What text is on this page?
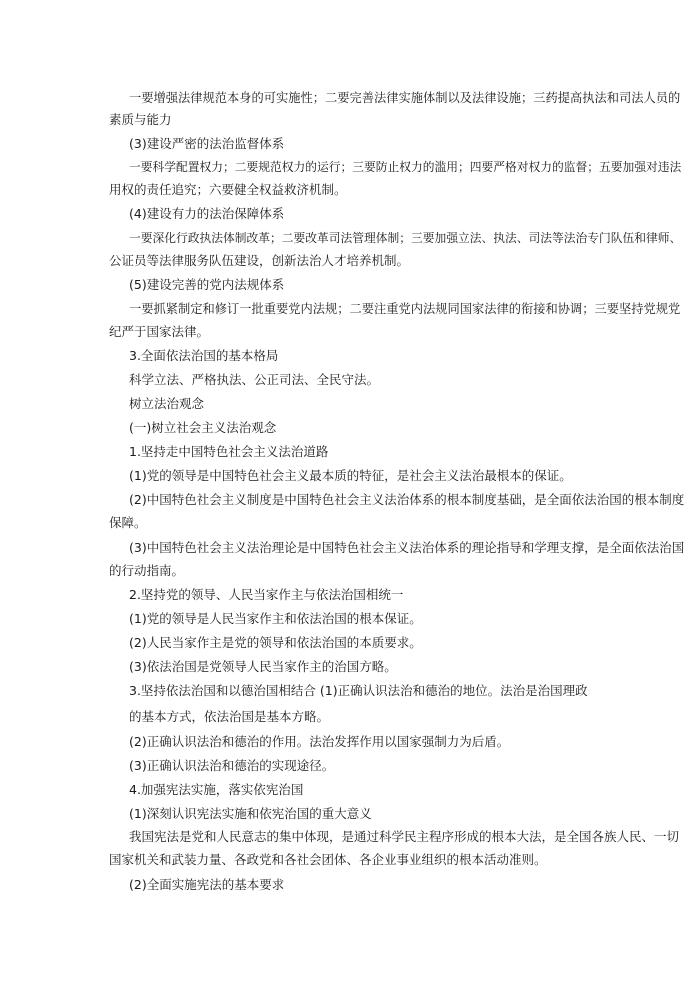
一要增强法律规范本身的可实施性；二要完善法律实施体制以及法律设施；三药提高执法和司法人员的
素质与能力
(3)建设严密的法治监督体系
一要科学配置权力；二要规范权力的运行；三要防止权力的滥用；四要严格对权力的监督；五要加强对违法
用权的责任追究；六要健全权益救济机制。
(4)建设有力的法治保障体系
一要深化行政执法体制改革；二要改革司法管理体制；三要加强立法、执法、司法等法治专门队伍和律师、
公证员等法律服务队伍建设，创新法治人才培养机制。
(5)建设完善的党内法规体系
一要抓紧制定和修订一批重要党内法规；二要注重党内法规同国家法律的衔接和协调；三要坚持党规党
纪严于国家法律。
3.全面依法治国的基本格局
科学立法、严格执法、公正司法、全民守法。
树立法治观念
(一)树立社会主义法治观念
1.坚持走中国特色社会主义法治道路
(1)党的领导是中国特色社会主义最本质的特征，是社会主义法治最根本的保证。
(2)中国特色社会主义制度是中国特色社会主义法治体系的根本制度基础，是全面依法治国的根本制度
保障。
(3)中国特色社会主义法治理论是中国特色社会主义法治体系的理论指导和学理支撑，是全面依法治国
的行动指南。
2.坚持党的领导、人民当家作主与依法治国相统一
(1)党的领导是人民当家作主和依法治国的根本保证。
(2)人民当家作主是党的领导和依法治国的本质要求。
(3)依法治国是党领导人民当家作主的治国方略。
3.坚持依法治国和以德治国相结合 (1)正确认识法治和德治的地位。法治是治国理政
的基本方式，依法治国是基本方略。
(2)正确认识法治和德治的作用。法治发挥作用以国家强制力为后盾。
(3)正确认识法治和德治的实现途径。
4.加强宪法实施，落实依宪治国
(1)深刻认识宪法实施和依宪治国的重大意义
我国宪法是党和人民意志的集中体现，是通过科学民主程序形成的根本大法，是全国各族人民、一切
国家机关和武装力量、各政党和各社会团体、各企业事业组织的根本活动准则。
(2)全面实施宪法的基本要求
